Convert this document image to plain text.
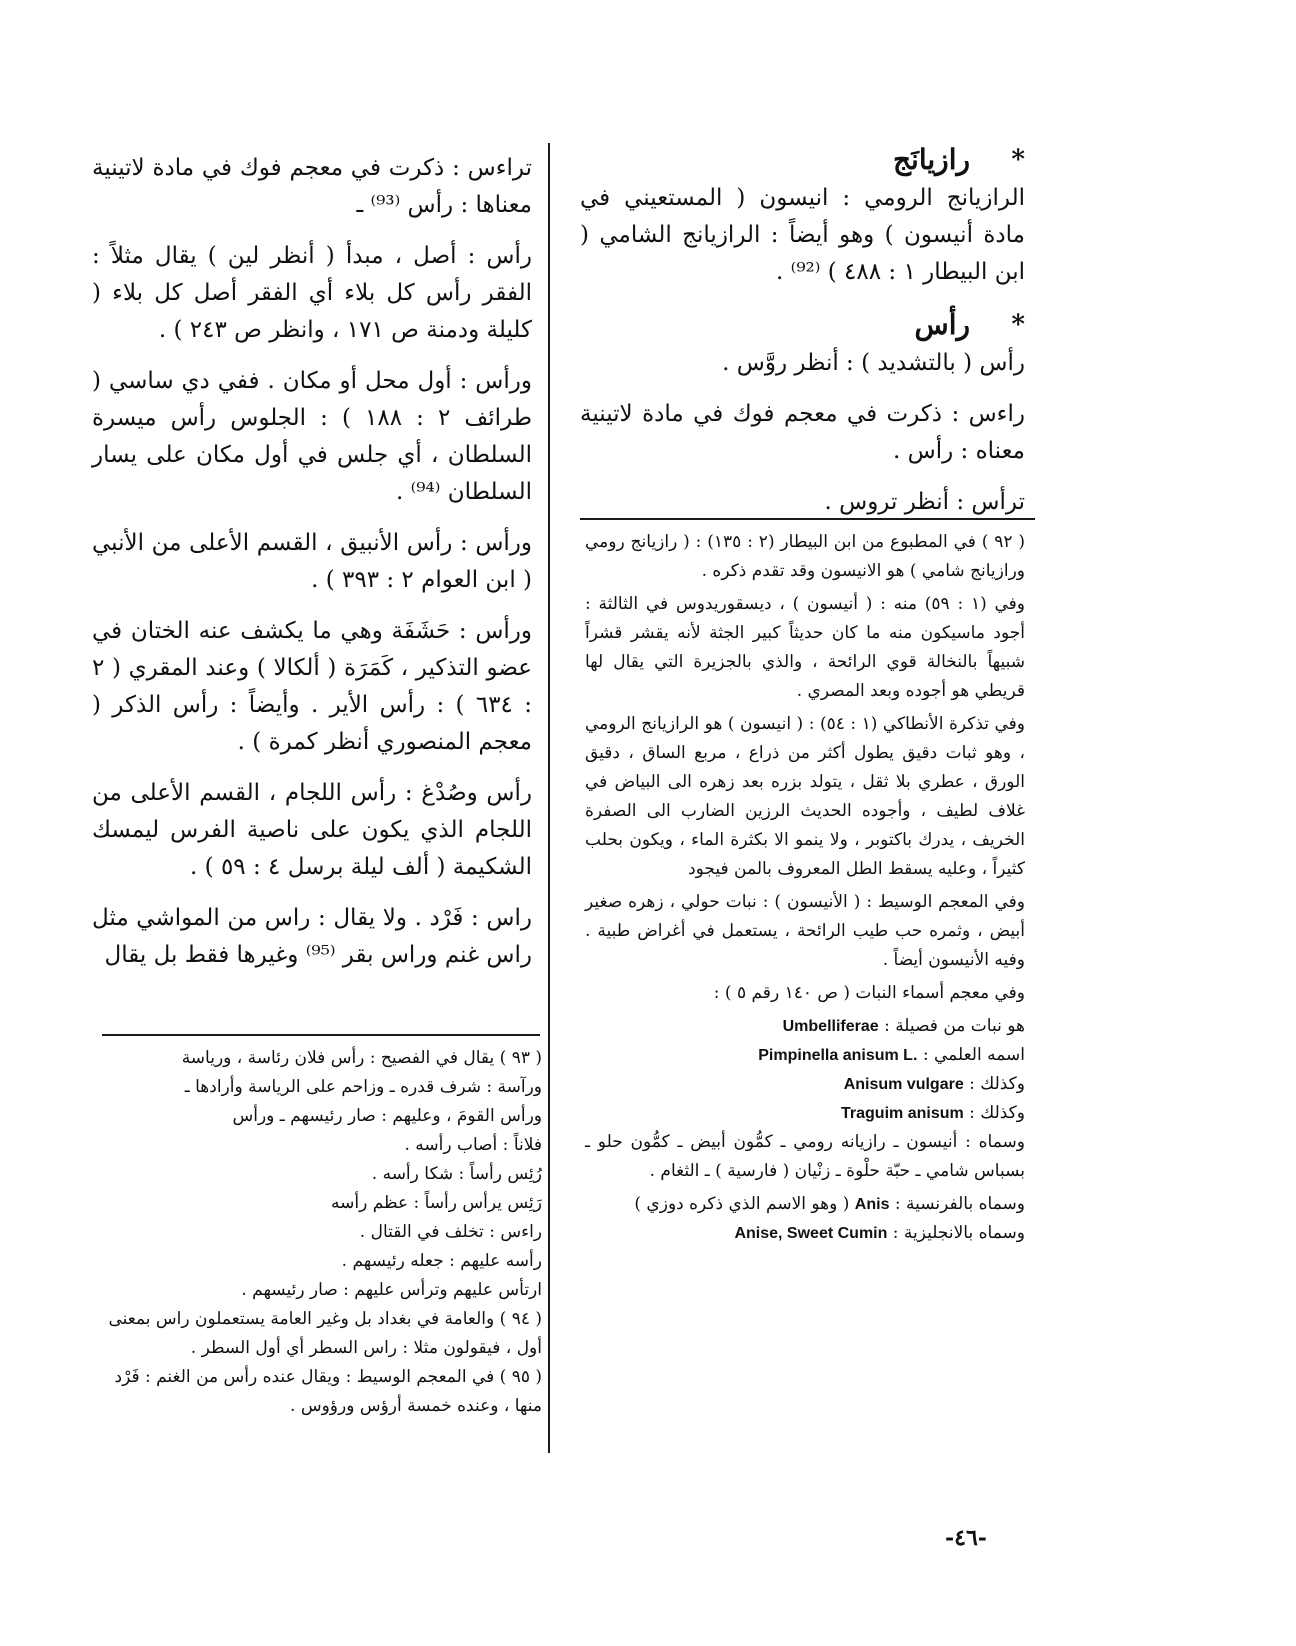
*
رازيانَج

الرازيانج الرومي : انيسون ( المستعيني في مادة أنيسون ) وهو أيضاً : الرازيانج الشامي ( ابن البيطار ١ : ٤٨٨ ) ⁽⁹²⁾ .

*
رأس

رأس ( بالتشديد ) : أنظر روَّس .

راءس : ذكرت في معجم فوك في مادة لاتينية معناه : رأس .

ترأس : أنظر تروس .

( ٩٢ ) في المطبوع من ابن البيطار (٢ : ١٣٥) : ( رازيانج رومي ورازيانج شامي ) هو الانيسون وقد تقدم ذكره .

وفي (١ : ٥٩) منه : ( أنيسون ) ، ديسقوريدوس في الثالثة : أجود ماسيكون منه ما كان حديثاً كبير الجثة لأنه يقشر قشراً شبيهاً بالنخالة قوي الرائحة ، والذي بالجزيرة التي يقال لها قريطي هو أجوده وبعد المصري .

وفي تذكرة الأنطاكي (١ : ٥٤) : ( انيسون ) هو الرازيانج الرومي ، وهو ثبات دقيق يطول أكثر من ذراع ، مربع الساق ، دقيق الورق ، عطري بلا ثقل ، يتولد بزره بعد زهره الى البياض في غلاف لطيف ، وأجوده الحديث الرزين الضارب الى الصفرة الخريف ، يدرك باكتوبر ، ولا ينمو الا بكثرة الماء ، ويكون بحلب كثيراً ، وعليه يسقط الطل المعروف بالمن فيجود

وفي المعجم الوسيط : ( الأنيسون ) : نبات حولي ، زهره صغير أبيض ، وثمره حب طيب الرائحة ، يستعمل في أغراض طبية . وفيه الأنيسون أيضاً .

وفي معجم أسماء النبات ( ص ١٤٠ رقم ٥ ) :

هو نبات من فصيلة : Umbelliferae
اسمه العلمي : Pimpinella anisum L.
وكذلك : Anisum vulgare
وكذلك : Traguim anisum

وسماه : أنيسون ـ رازيانه رومي ـ كمُّون أبيض ـ كمُّون حلو ـ بسباس شامي ـ حبّة حلْوة ـ زنْيان ( فارسية ) ـ الثغام .

وسماه بالفرنسية : Anis ( وهو الاسم الذي ذكره دوزي )
وسماه بالانجليزية : Anise, Sweet Cumin

تراءس : ذكرت في معجم فوك في مادة لاتينية معناها : رأس ⁽⁹³⁾ ـ

رأس : أصل ، مبدأ ( أنظر لين ) يقال مثلاً : الفقر رأس كل بلاء أي الفقر أصل كل بلاء ( كليلة ودمنة ص ١٧١ ، وانظر ص ٢٤٣ ) .

ورأس : أول محل أو مكان . ففي دي ساسي ( طرائف ٢ : ١٨٨ ) : الجلوس رأس ميسرة السلطان ، أي جلس في أول مكان على يسار السلطان ⁽⁹⁴⁾ .

ورأس : رأس الأنبيق ، القسم الأعلى من الأنبي ( ابن العوام ٢ : ٣٩٣ ) .

ورأس : حَشَفَة وهي ما يكشف عنه الختان في عضو التذكير ، كَمَرَة ( ألكالا ) وعند المقري ( ٢ : ٦٣٤ ) : رأس الأير . وأيضاً : رأس الذكر ( معجم المنصوري أنظر كمرة ) .

رأس وصُدْغ : رأس اللجام ، القسم الأعلى من اللجام الذي يكون على ناصية الفرس ليمسك الشكيمة ( ألف ليلة برسل ٤ : ٥٩ ) .

راس : فَرْد . ولا يقال : راس من المواشي مثل راس غنم وراس بقر ⁽⁹⁵⁾ وغيرها فقط بل يقال

( ٩٣ ) يقال في الفصيح : رأس فلان رئاسة ، ورياسة
ورآسة : شرف قدره ـ وزاحم على الرياسة وأرادها ـ
ورأس القومَ ، وعليهم : صار رئيسهم ـ ورأس
فلاناً : أصاب رأسه .
رُئِس رأساً : شكا رأسه .
رَئِس يرأس رأساً : عظم رأسه
راءس : تخلف في القتال .
رأسه عليهم : جعله رئيسهم .
ارتأس عليهم وترأس عليهم : صار رئيسهم .
( ٩٤ ) والعامة في بغداد بل وغير العامة يستعملون راس بمعنى
أول ، فيقولون مثلا : راس السطر أي أول السطر .
( ٩٥ ) في المعجم الوسيط : ويقال عنده رأس من الغنم : فَرْد
منها ، وعنده خمسة أرؤس ورؤوس .
-٤٦-
